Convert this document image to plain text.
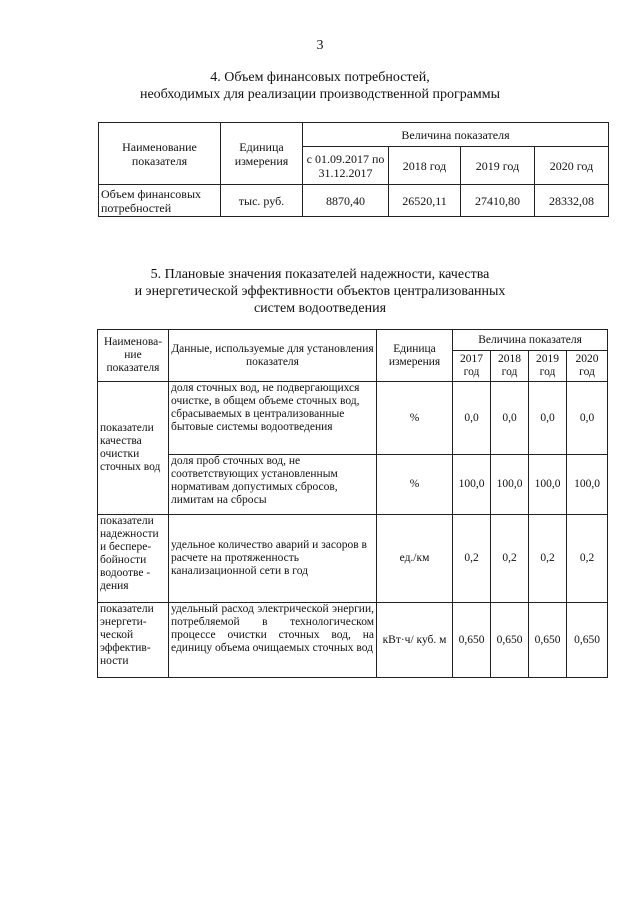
3
4. Объем финансовых потребностей,
необходимых для реализации производственной программы
Наименование показателя	Единица измерения	Величина показателя			
		с 01.09.2017 по 31.12.2017	2018 год	2019 год	2020 год
Объем финансовых потребностей	тыс. руб.	8870,40	26520,11	27410,80	28332,08
5. Плановые значения показателей надежности, качества
и энергетической эффективности объектов централизованных
систем водоотведения
Наименова-ние показателя	Данные, используемые для установления показателя	Единица измерения	Величина показателя			
			2017 год	2018 год	2019 год	2020 год
показатели качества очистки сточных вод	доля сточных вод, не подвергающихся очистке, в общем объеме сточных вод, сбрасываемых в централизованные бытовые системы водоотведения	%	0,0	0,0	0,0	0,0
	доля проб сточных вод, не соответствующих установленным нормативам допустимых сбросов, лимитам на сбросы	%	100,0	100,0	100,0	100,0
показатели надежности и беспере-бойности водоотве - дения	удельное количество аварий и засоров в расчете на протяженность канализационной сети в год	ед./км	0,2	0,2	0,2	0,2
показатели энергети-ческой эффектив-ности	удельный расход электрической энергии, потребляемой в технологическом процессе очистки сточных вод, на единицу объема очищаемых сточных вод	кВт·ч/ куб. м	0,650	0,650	0,650	0,650
